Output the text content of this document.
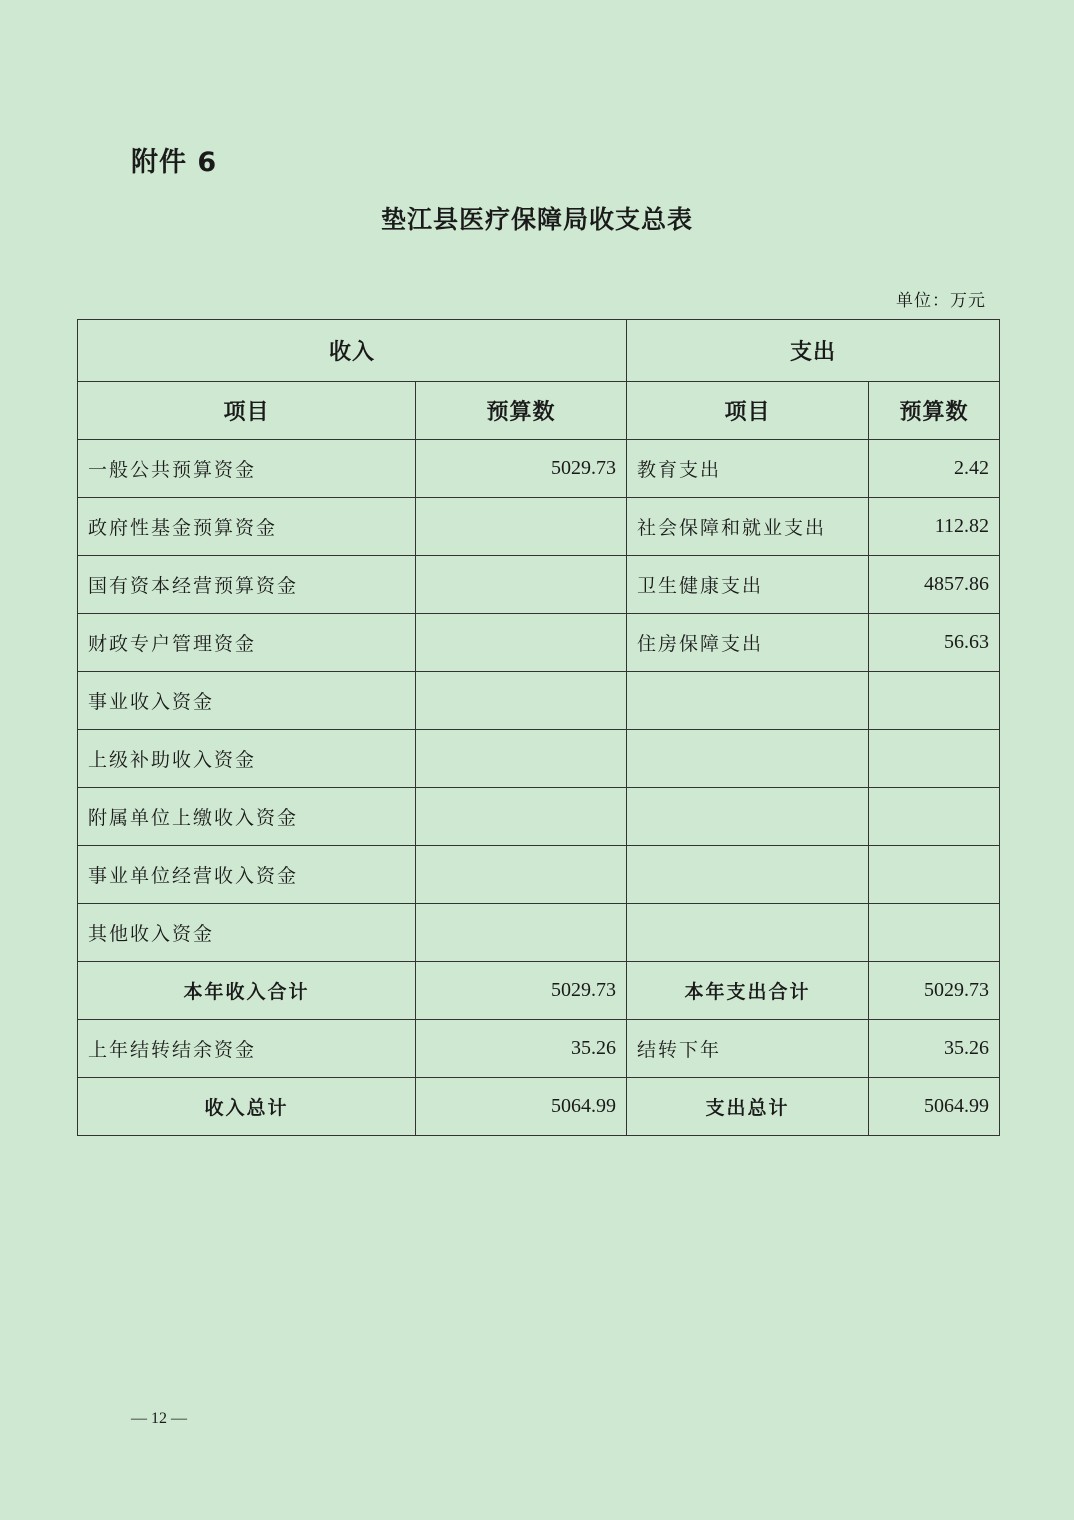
附件 6
垫江县医疗保障局收支总表
单位：万元
收入		支出	
项目	预算数	项目	预算数
一般公共预算资金	5029.73	教育支出	2.42
政府性基金预算资金		社会保障和就业支出	112.82
国有资本经营预算资金		卫生健康支出	4857.86
财政专户管理资金		住房保障支出	56.63
事业收入资金			
上级补助收入资金			
附属单位上缴收入资金			
事业单位经营收入资金			
其他收入资金			
本年收入合计	5029.73	本年支出合计	5029.73
上年结转结余资金	35.26	结转下年	35.26
收入总计	5064.99	支出总计	5064.99
— 12 —
